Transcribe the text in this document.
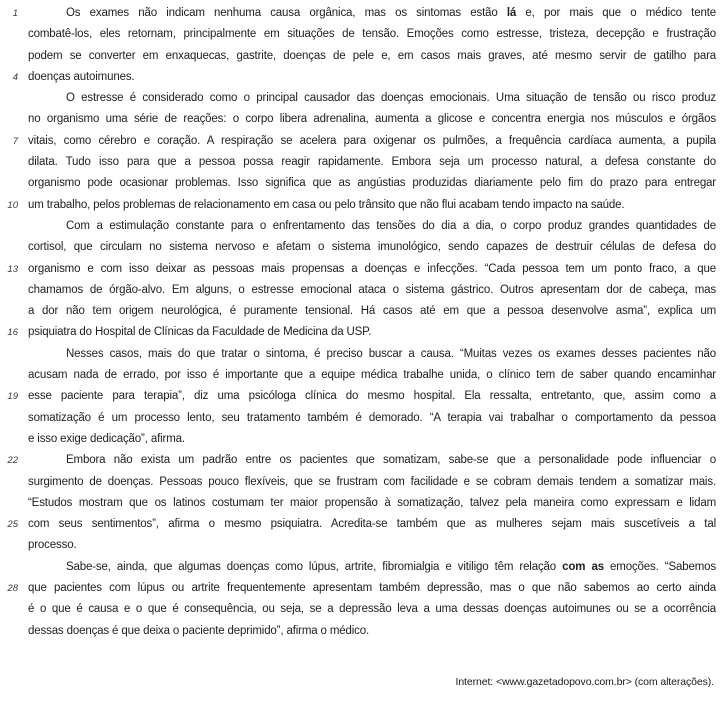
1	Os exames não indicam nenhuma causa orgânica, mas os sintomas estão lá e, por mais que o médico tente
combatê-los, eles retornam, principalmente em situações de tensão. Emoções como estresse, tristeza, decepção e frustração
podem se converter em enxaquecas, gastrite, doenças de pele e, em casos mais graves, até mesmo servir de gatilho para
4 doenças autoimunes.
O estresse é considerado como o principal causador das doenças emocionais. Uma situação de tensão ou risco produz
no organismo uma série de reações: o corpo libera adrenalina, aumenta a glicose e concentra energia nos músculos e órgãos
7 vitais, como cérebro e coração. A respiração se acelera para oxigenar os pulmões, a frequência cardíaca aumenta, a pupila
dilata. Tudo isso para que a pessoa possa reagir rapidamente. Embora seja um processo natural, a defesa constante do
organismo pode ocasionar problemas. Isso significa que as angústias produzidas diariamente pelo fim do prazo para entregar
10 um trabalho, pelos problemas de relacionamento em casa ou pelo trânsito que não flui acabam tendo impacto na saúde.
Com a estimulação constante para o enfrentamento das tensões do dia a dia, o corpo produz grandes quantidades de
cortisol, que circulam no sistema nervoso e afetam o sistema imunológico, sendo capazes de destruir células de defesa do
13 organismo e com isso deixar as pessoas mais propensas a doenças e infecções. “Cada pessoa tem um ponto fraco, a que
chamamos de órgão-alvo. Em alguns, o estresse emocional ataca o sistema gástrico. Outros apresentam dor de cabeça, mas
a dor não tem origem neurológica, é puramente tensional. Há casos até em que a pessoa desenvolve asma”, explica um
16 psiquiatra do Hospital de Clínicas da Faculdade de Medicina da USP.
Nesses casos, mais do que tratar o sintoma, é preciso buscar a causa. “Muitas vezes os exames desses pacientes não
acusam nada de errado, por isso é importante que a equipe médica trabalhe unida, o clínico tem de saber quando encaminhar
19 esse paciente para terapia”, diz uma psicóloga clínica do mesmo hospital. Ela ressalta, entretanto, que, assim como a
somatização é um processo lento, seu tratamento também é demorado. “A terapia vai trabalhar o comportamento da pessoa
e isso exige dedicação”, afirma.
22	Embora não exista um padrão entre os pacientes que somatizam, sabe-se que a personalidade pode influenciar o
surgimento de doenças. Pessoas pouco flexíveis, que se frustram com facilidade e se cobram demais tendem a somatizar mais.
“Estudos mostram que os latinos costumam ter maior propensão à somatização, talvez pela maneira como expressam e lidam
25 com seus sentimentos”, afirma o mesmo psiquiatra. Acredita-se também que as mulheres sejam mais suscetíveis a tal
processo.
Sabe-se, ainda, que algumas doenças como lúpus, artrite, fibromialgia e vitiligo têm relação com as emoções. “Sabemos
28 que pacientes com lúpus ou artrite frequentemente apresentam também depressão, mas o que não sabemos ao certo ainda
é o que é causa e o que é consequência, ou seja, se a depressão leva a uma dessas doenças autoimunes ou se a ocorrência
dessas doenças é que deixa o paciente deprimido”, afirma o médico.
Internet: <www.gazetadopovo.com.br> (com alterações).
